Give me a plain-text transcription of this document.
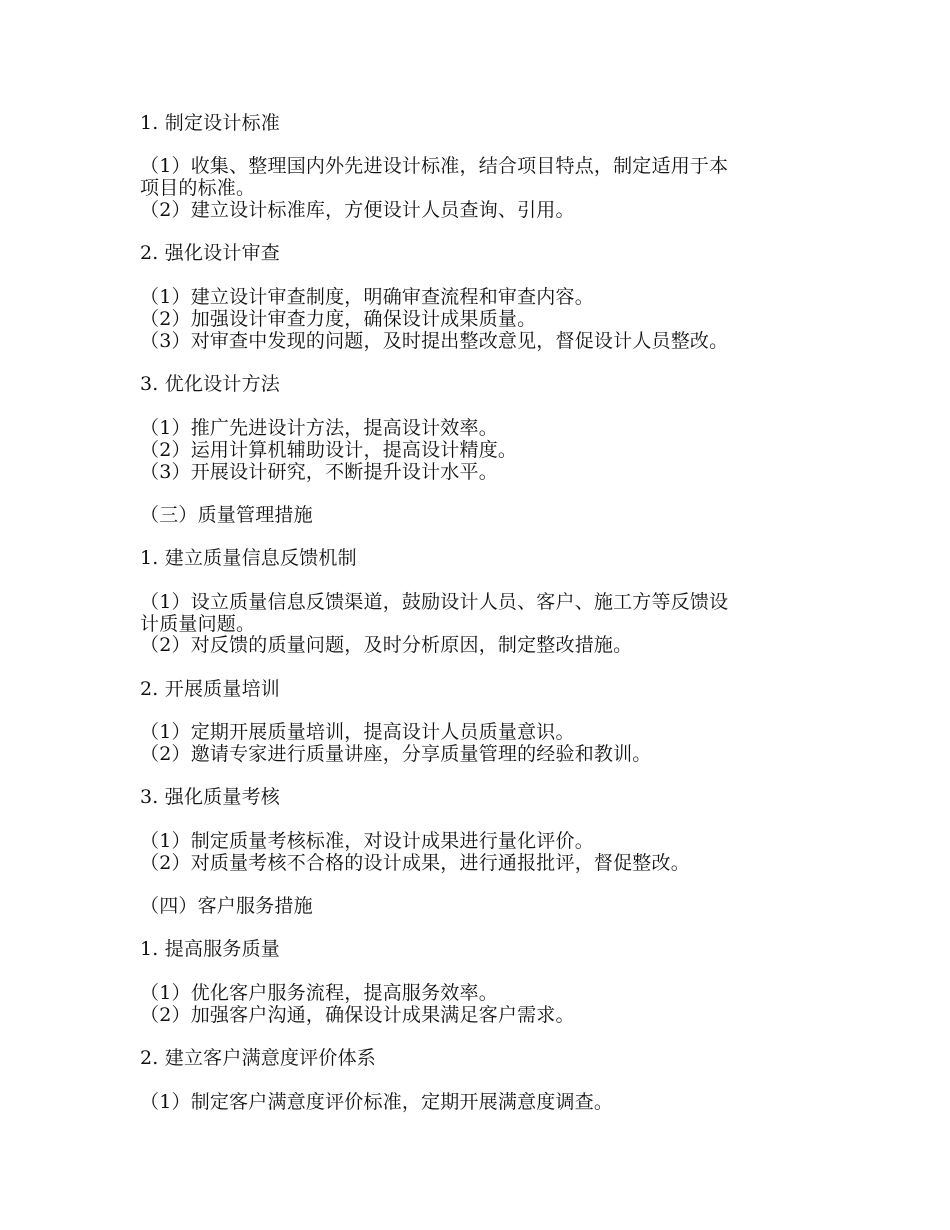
1. 制定设计标准
（1）收集、整理国内外先进设计标准，结合项目特点，制定适用于本
项目的标准。
（2）建立设计标准库，方便设计人员查询、引用。
2. 强化设计审查
（1）建立设计审查制度，明确审查流程和审查内容。
（2）加强设计审查力度，确保设计成果质量。
（3）对审查中发现的问题，及时提出整改意见，督促设计人员整改。
3. 优化设计方法
（1）推广先进设计方法，提高设计效率。
（2）运用计算机辅助设计，提高设计精度。
（3）开展设计研究，不断提升设计水平。
（三）质量管理措施
1. 建立质量信息反馈机制
（1）设立质量信息反馈渠道，鼓励设计人员、客户、施工方等反馈设
计质量问题。
（2）对反馈的质量问题，及时分析原因，制定整改措施。
2. 开展质量培训
（1）定期开展质量培训，提高设计人员质量意识。
（2）邀请专家进行质量讲座，分享质量管理的经验和教训。
3. 强化质量考核
（1）制定质量考核标准，对设计成果进行量化评价。
（2）对质量考核不合格的设计成果，进行通报批评，督促整改。
（四）客户服务措施
1. 提高服务质量
（1）优化客户服务流程，提高服务效率。
（2）加强客户沟通，确保设计成果满足客户需求。
2. 建立客户满意度评价体系
（1）制定客户满意度评价标准，定期开展满意度调查。
